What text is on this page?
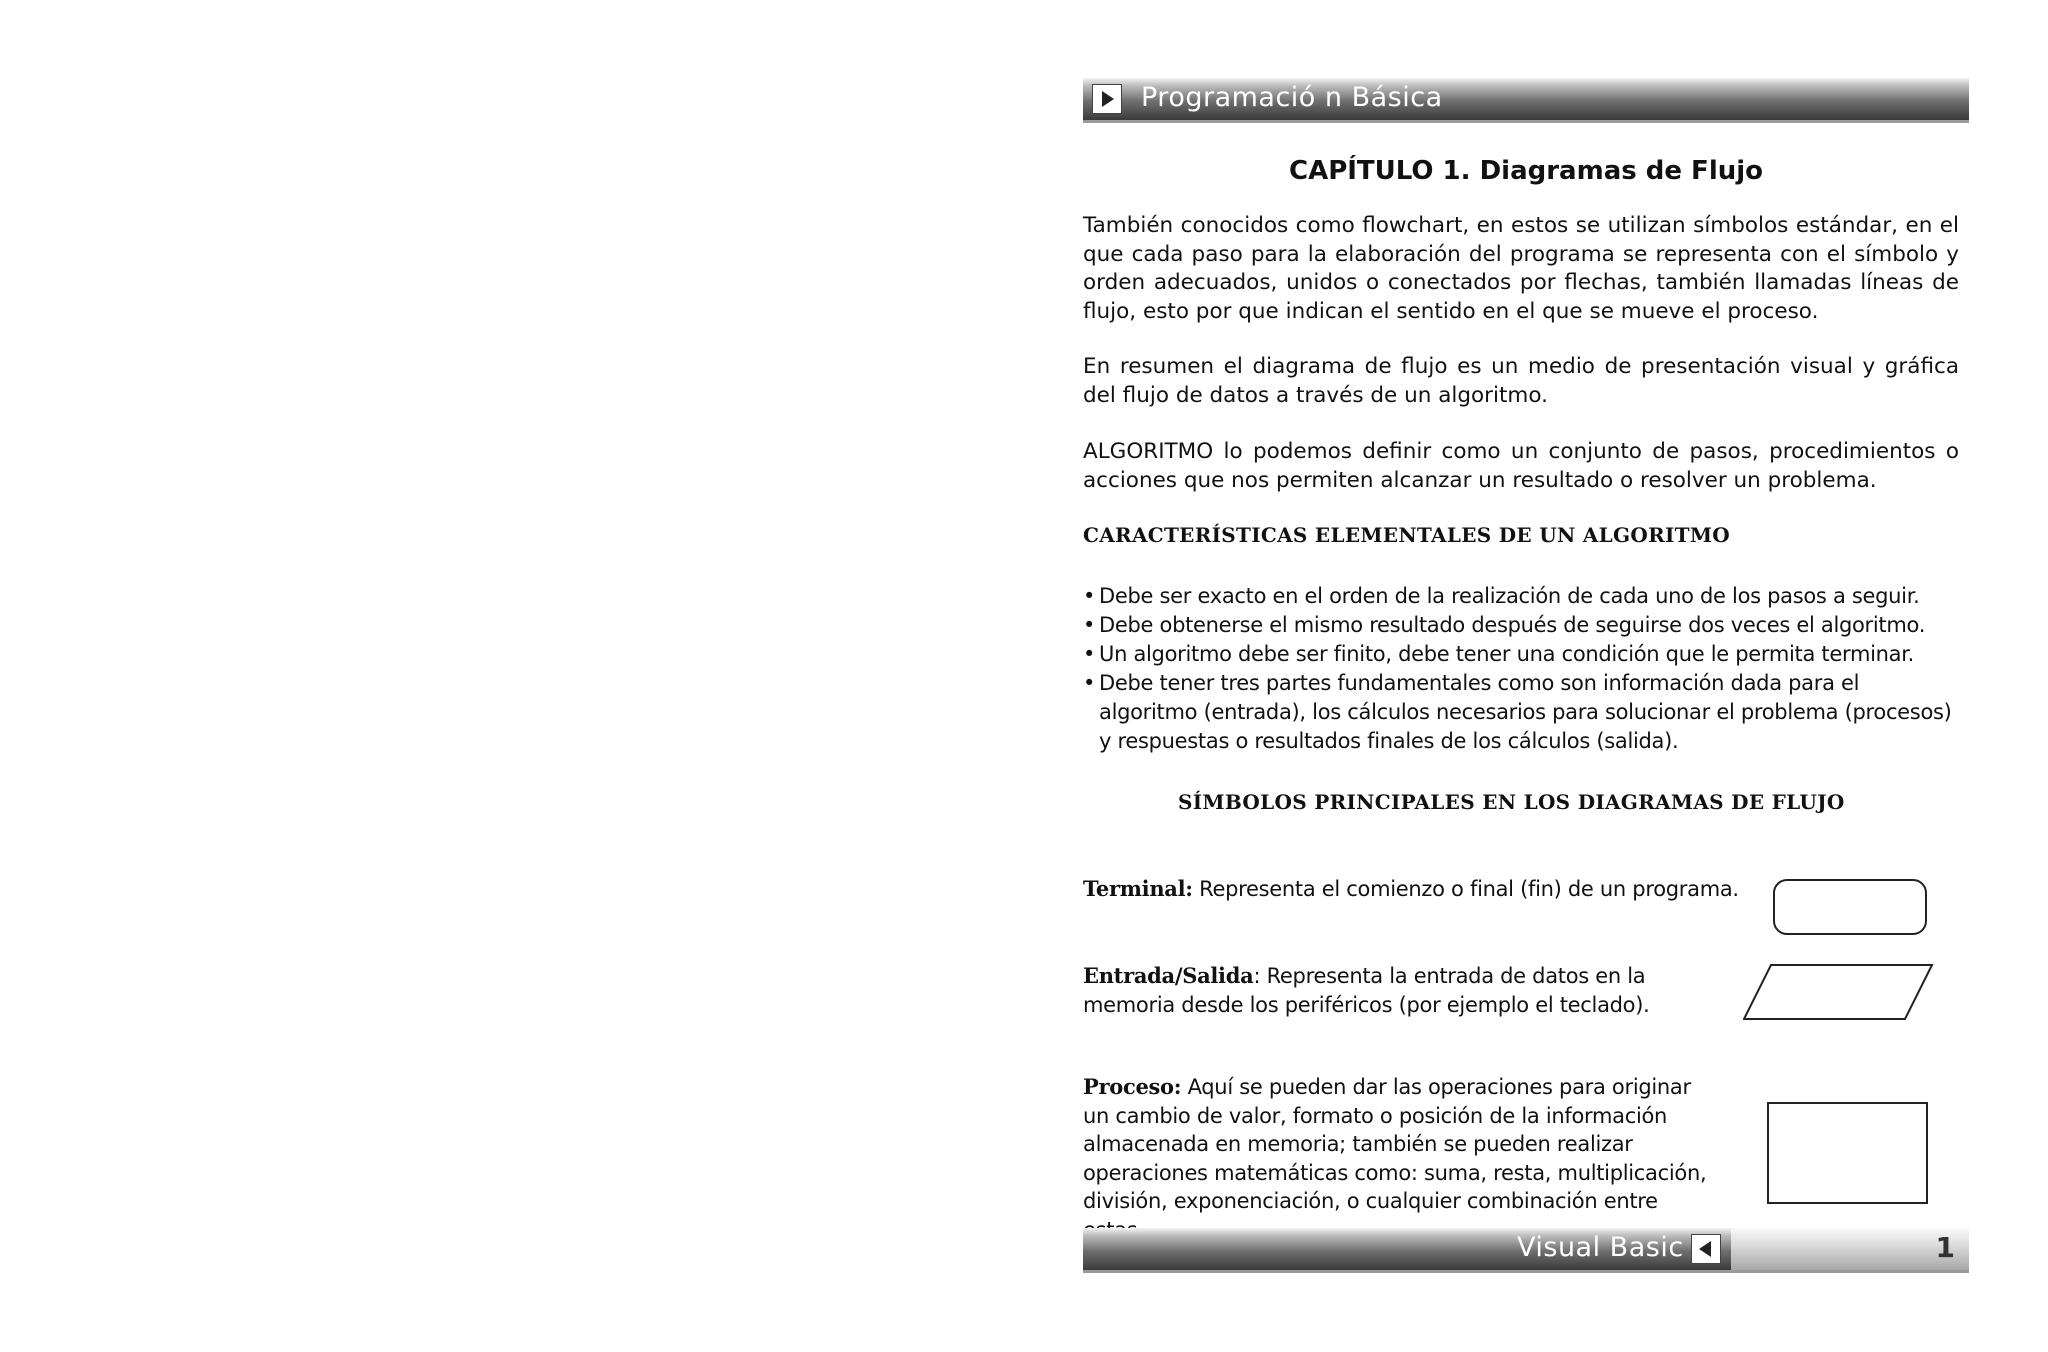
Programació n Básica
CAPÍTULO 1. Diagramas de Flujo

También conocidos como flowchart, en estos se utilizan símbolos estándar, en el que cada paso para la elaboración del programa se representa con el símbolo y orden adecuados, unidos o conectados por flechas, también llamadas líneas de flujo, esto por que indican el sentido en el que se mueve el proceso.

En resumen el diagrama de flujo es un medio de presentación visual y gráfica del flujo de datos a través de un algoritmo.

ALGORITMO lo podemos definir como un conjunto de pasos, procedimientos o acciones que nos permiten alcanzar un resultado o resolver un problema.

CARACTERÍSTICAS ELEMENTALES DE UN ALGORITMO
• Debe ser exacto en el orden de la realización de cada uno de los pasos a seguir.
• Debe obtenerse el mismo resultado después de seguirse dos veces el algoritmo.
• Un algoritmo debe ser finito, debe tener una condición que le permita terminar.
• Debe tener tres partes fundamentales como son información dada para el algoritmo (entrada), los cálculos necesarios para solucionar el problema (procesos) y respuestas o resultados finales de los cálculos (salida).
SÍMBOLOS PRINCIPALES EN LOS DIAGRAMAS DE FLUJO
Terminal: Representa el comienzo o final (fin) de un programa.
Entrada/Salida: Representa la entrada de datos en la memoria desde los periféricos (por ejemplo el teclado).
Proceso: Aquí se pueden dar las operaciones para originar un cambio de valor, formato o posición de la información almacenada en memoria; también se pueden realizar operaciones matemáticas como: suma, resta, multiplicación, división, exponenciación, o cualquier combinación entre
Visual Basic	1
